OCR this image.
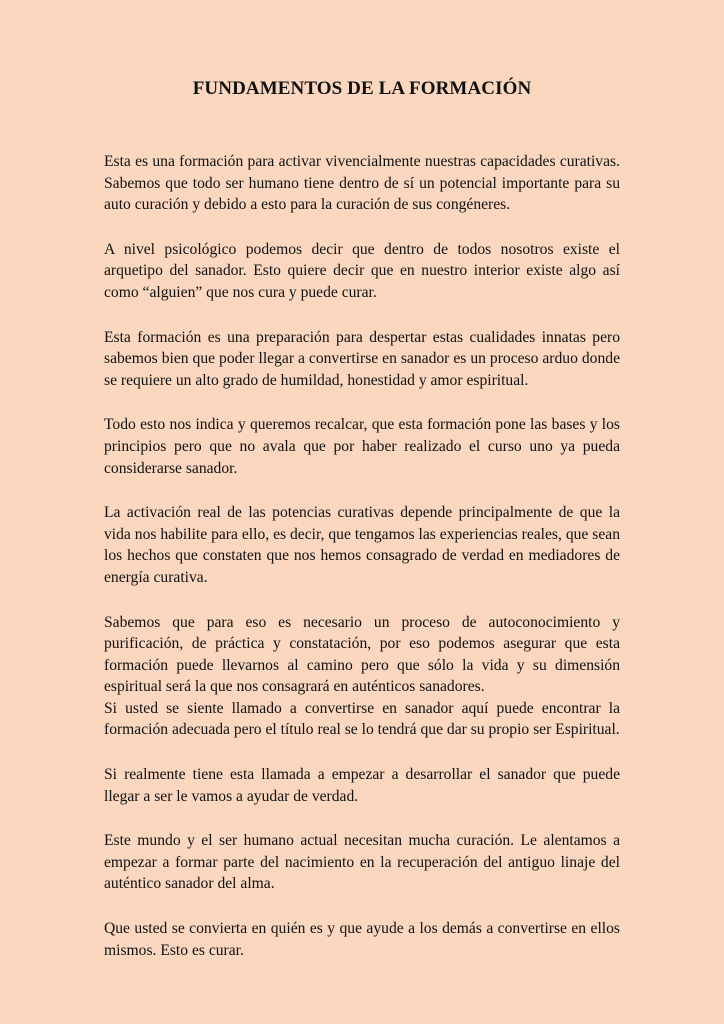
FUNDAMENTOS DE LA FORMACIÓN

Esta es una formación para activar vivencialmente nuestras capacidades curativas. Sabemos que todo ser humano tiene dentro de sí un potencial importante para su auto curación y debido a esto para la curación de sus congéneres.

A nivel psicológico podemos decir que dentro de todos nosotros existe el arquetipo del sanador. Esto quiere decir que en nuestro interior existe algo así como “alguien” que nos cura y puede curar.

Esta formación es una preparación para despertar estas cualidades innatas pero sabemos bien que poder llegar a convertirse en sanador es un proceso arduo donde se requiere un alto grado de humildad, honestidad y amor espiritual.

Todo esto nos indica y queremos recalcar, que esta formación pone las bases y los principios pero que no avala que por haber realizado el curso uno ya pueda considerarse sanador.

La activación real de las potencias curativas depende principalmente de que la vida nos habilite para ello, es decir, que tengamos las experiencias reales, que sean los hechos que constaten que nos hemos consagrado de verdad en mediadores de energía curativa.

Sabemos que para eso es necesario un proceso de autoconocimiento y purificación, de práctica y constatación, por eso podemos asegurar que esta formación puede llevarnos al camino pero que sólo la vida y su dimensión espiritual será la que nos consagrará en auténticos sanadores.

Si usted se siente llamado a convertirse en sanador aquí puede encontrar la formación adecuada pero el título real se lo tendrá que dar su propio ser Espiritual.

Si realmente tiene esta llamada a empezar a desarrollar el sanador que puede llegar a ser le vamos a ayudar de verdad.

Este mundo y el ser humano actual necesitan mucha curación. Le alentamos a empezar a formar parte del nacimiento en la recuperación del antiguo linaje del auténtico sanador del alma.

Que usted se convierta en quién es y que ayude a los demás a convertirse en ellos mismos. Esto es curar.
